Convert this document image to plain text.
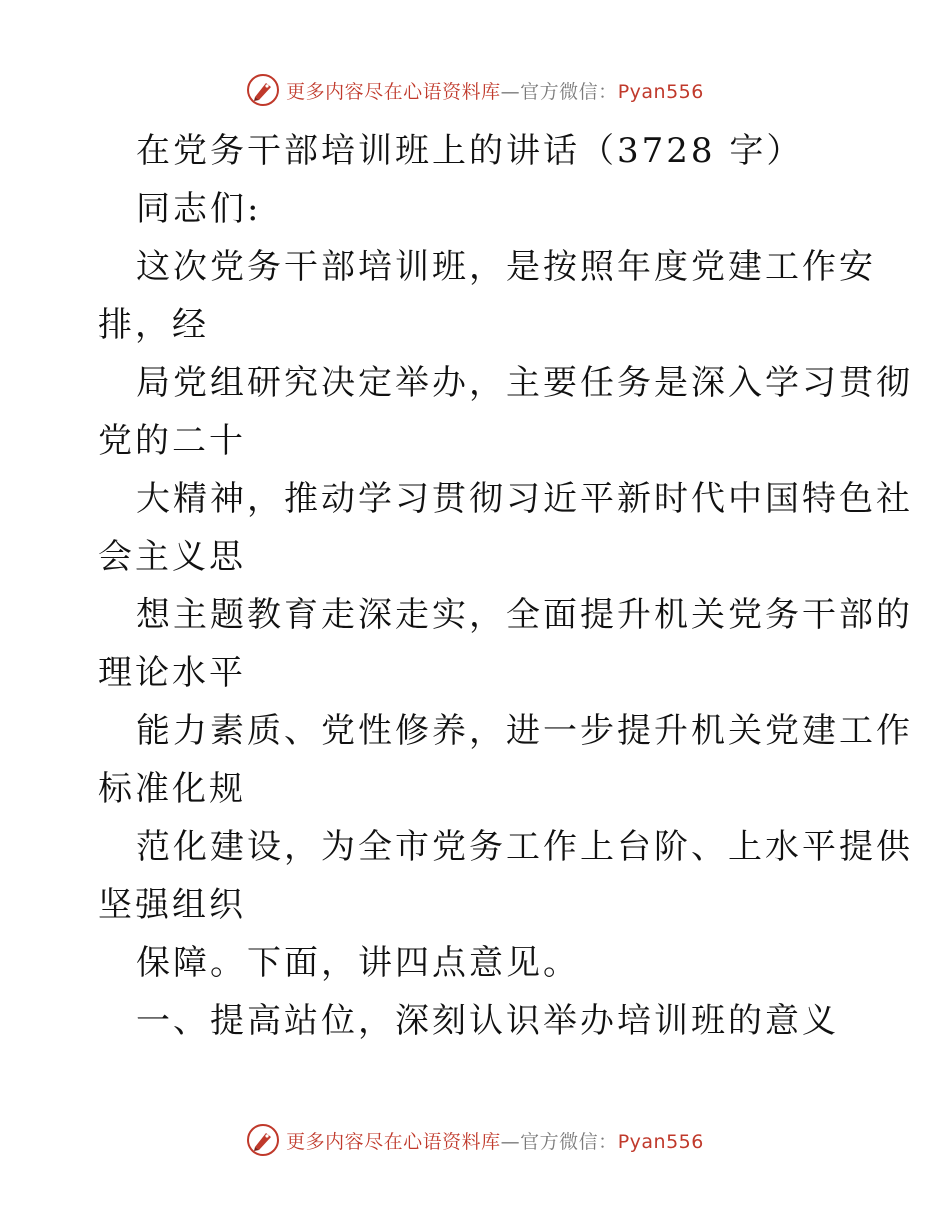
更多内容尽在心语资料库—官方微信：Pyan556
在党务干部培训班上的讲话（3728 字）
同志们:
这次党务干部培训班，是按照年度党建工作安
排，经
局党组研究决定举办，主要任务是深入学习贯彻
党的二十
大精神，推动学习贯彻习近平新时代中国特色社
会主义思
想主题教育走深走实，全面提升机关党务干部的
理论水平
能力素质、党性修养，进一步提升机关党建工作
标准化规
范化建设，为全市党务工作上台阶、上水平提供
坚强组织
保障。下面，讲四点意见。
一、提高站位，深刻认识举办培训班的意义
更多内容尽在心语资料库—官方微信：Pyan556
